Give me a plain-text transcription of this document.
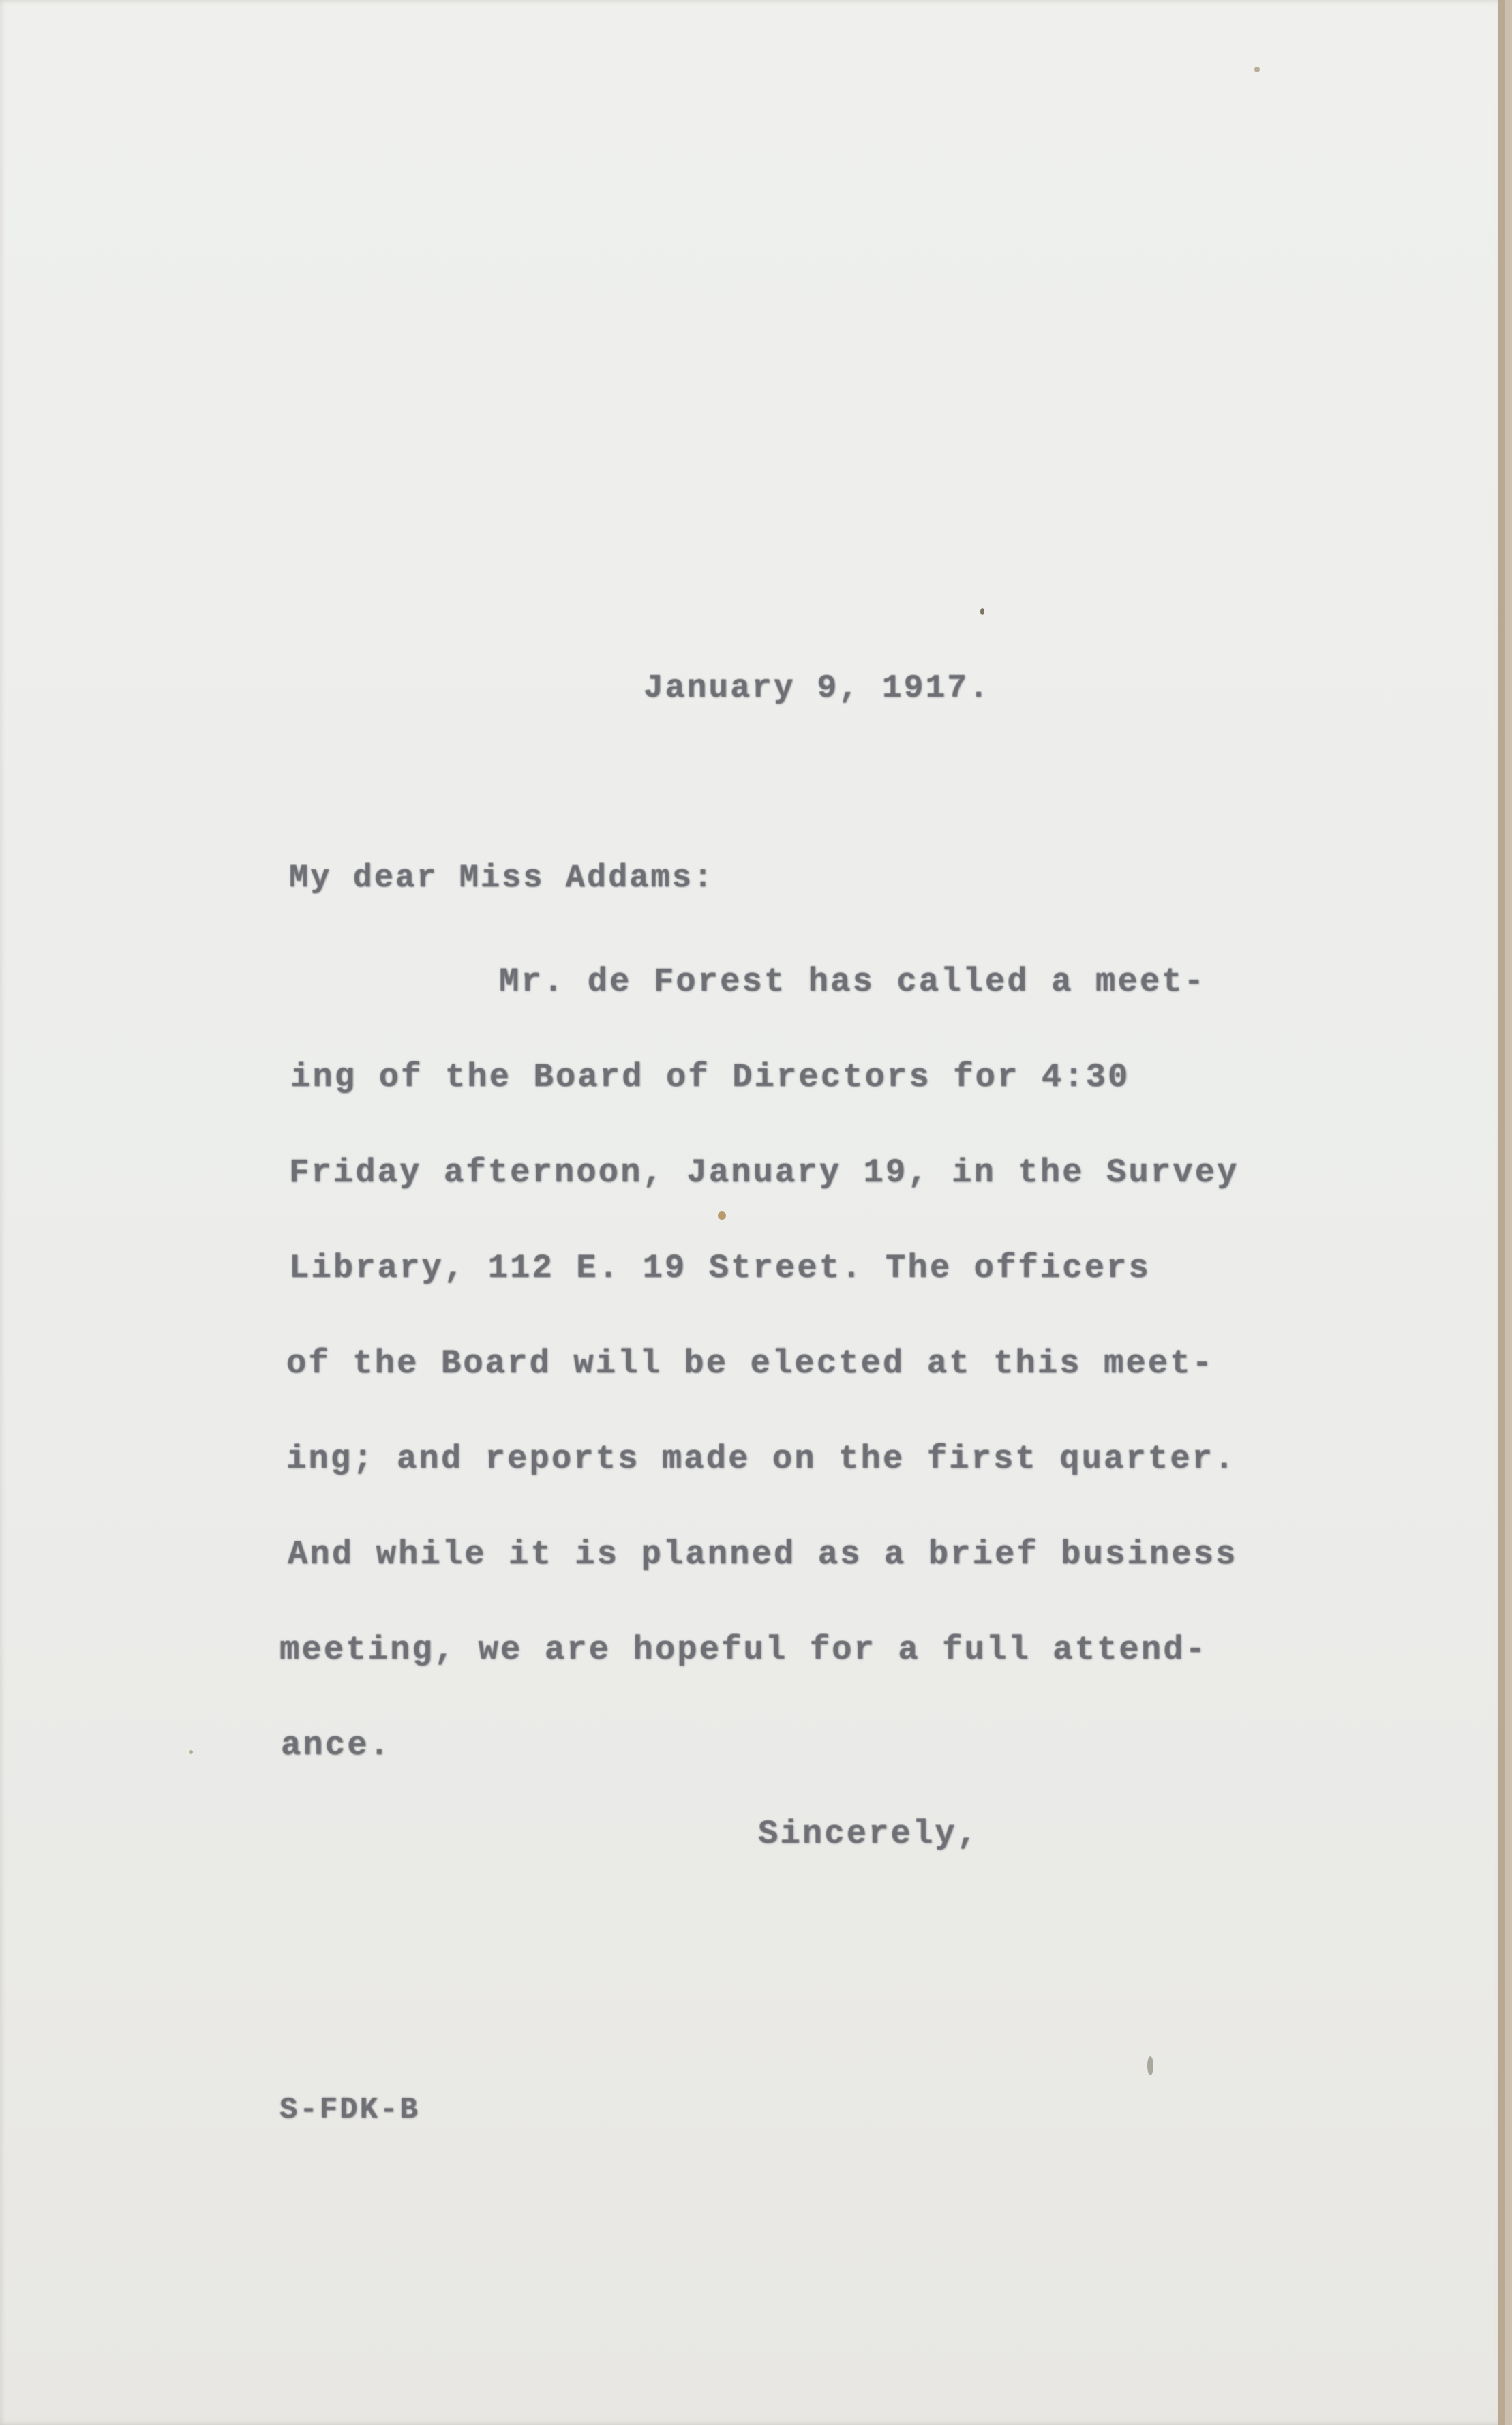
January 9, 1917.
My dear Miss Addams:
Mr. de Forest has called a meet-
ing of the Board of Directors for 4:30
Friday afternoon, January 19, in the Survey
Library, 112 E. 19 Street. The officers
of the Board will be elected at this meet-
ing; and reports made on the first quarter.
And while it is planned as a brief business
meeting, we are hopeful for a full attend-
ance.
Sincerely,
S-FDK-B
